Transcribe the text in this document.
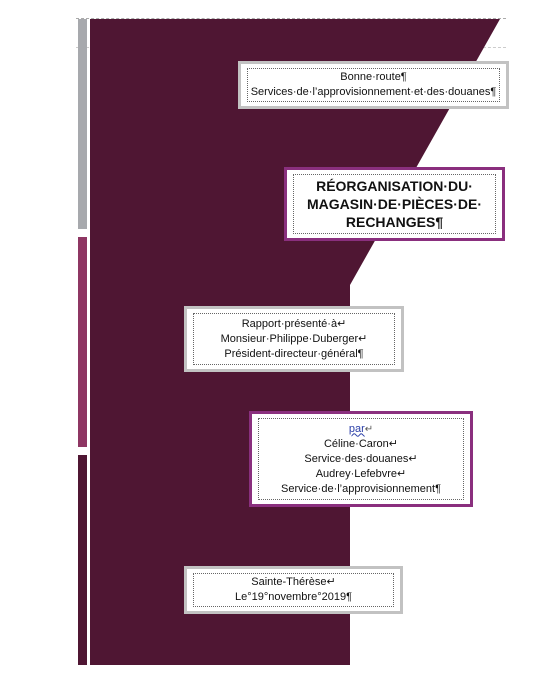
Bonne·route¶
Services·de·l’approvisionnement·et·des·douanes¶
RÉORGANISATION·DU·
MAGASIN·DE·PIÈCES·DE·
RECHANGES¶
Rapport·présenté·à↵
Monsieur·Philippe·Duberger↵
Président-directeur·général¶
par↵
Céline·Caron↵
Service·des·douanes↵
Audrey·Lefebvre↵
Service·de·l’approvisionnement¶
Sainte-Thérèse↵
Le°19°novembre°2019¶
